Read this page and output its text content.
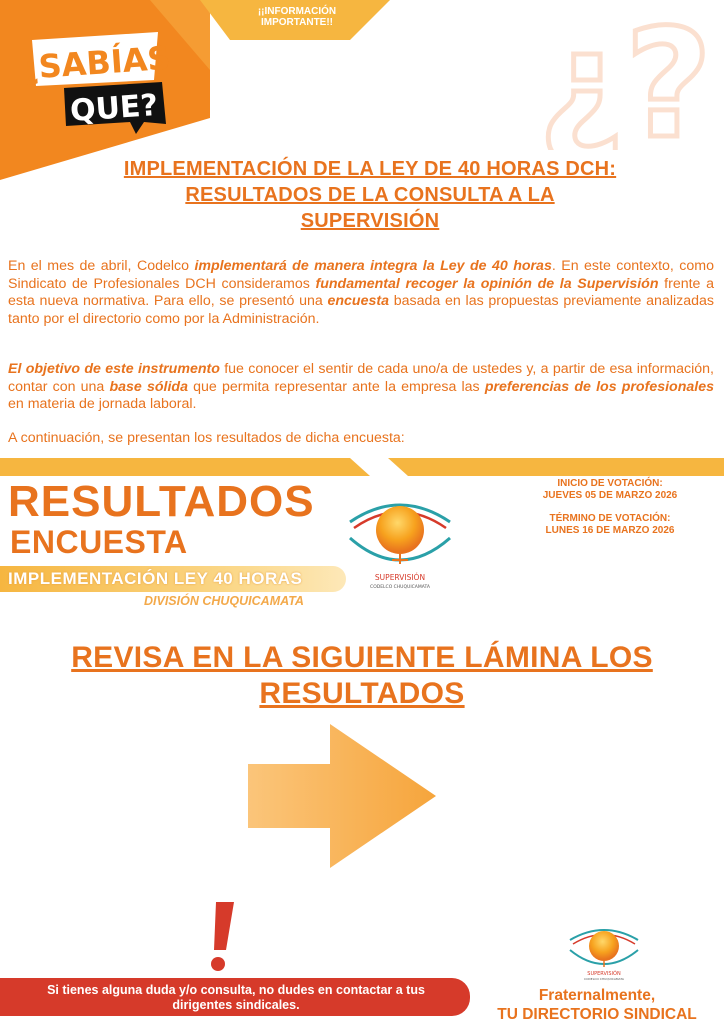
¿SABÍAS
QUE?
¡¡INFORMACIÓN IMPORTANTE!! ¿?
IMPLEMENTACIÓN DE LA LEY DE 40 HORAS DCH:
RESULTADOS DE LA CONSULTA A LA
SUPERVISIÓN

En el mes de abril, Codelco implementará de manera integra la Ley de 40 horas. En este contexto, como Sindicato de Profesionales DCH consideramos fundamental recoger la opinión de la Supervisión frente a esta nueva normativa. Para ello, se presentó una encuesta basada en las propuestas previamente analizadas tanto por el directorio como por la Administración.

El objetivo de este instrumento fue conocer el sentir de cada uno/a de ustedes y, a partir de esa información, contar con una base sólida que permita representar ante la empresa las preferencias de los profesionales en materia de jornada laboral.

A continuación, se presentan los resultados de dicha encuesta:

RESULTADOS
ENCUESTA
IMPLEMENTACIÓN LEY 40 HORAS
DIVISIÓN CHUQUICAMATA
SUPERVISIÓN
CODELCO CHUQUICAMATA
INICIO DE VOTACIÓN:
JUEVES 05 DE MARZO 2026
TÉRMINO DE VOTACIÓN:
LUNES 16 DE MARZO 2026
REVISA EN LA SIGUIENTE LÁMINA LOS
RESULTADOS
Si tienes alguna duda y/o consulta, no dudes en contactar a tus
dirigentes sindicales.
SUPERVISIÓN
CODELCO CHUQUICAMATA
Fraternalmente,
TU DIRECTORIO SINDICAL
